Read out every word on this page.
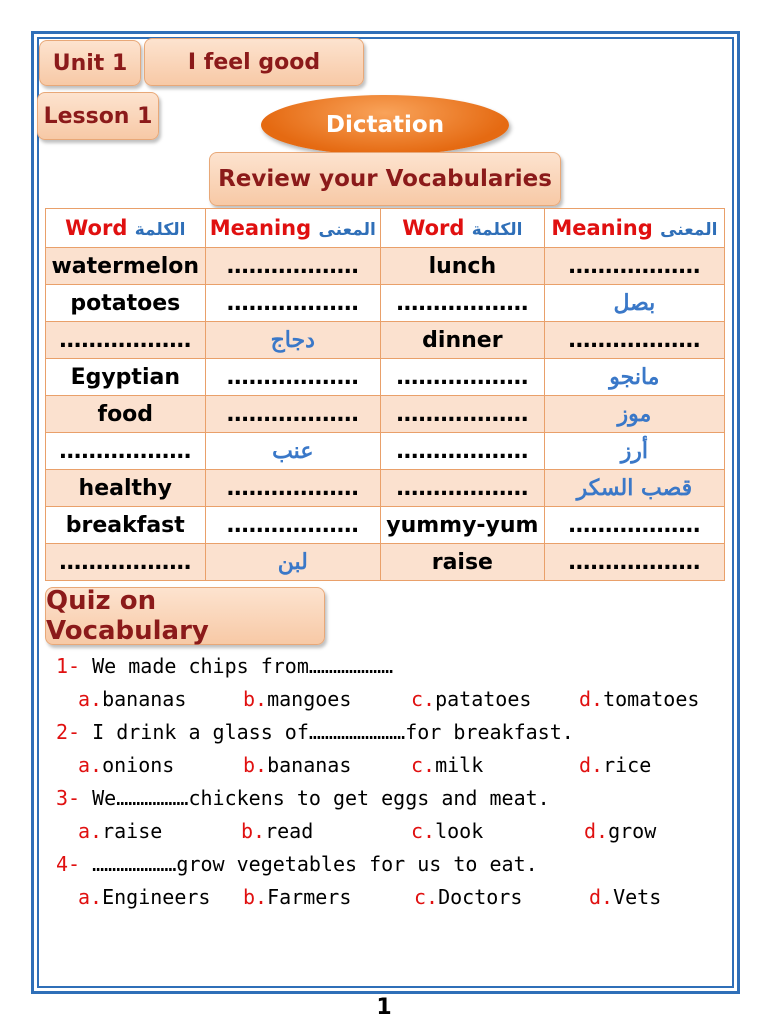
Unit 1	I feel good
Lesson 1	Dictation
Review your Vocabularies
Word الكلمة	Meaning المعنى	Word الكلمة	Meaning المعنى
watermelon	………………	lunch	………………
potatoes	………………	………………	بصل
………………	دجاج	dinner	………………
Egyptian	………………	………………	مانجو
food	………………	………………	موز
………………	عنب	………………	أرز
healthy	………………	………………	قصب السكر
breakfast	………………	yummy-yum	………………
………………	لبن	raise	………………
Quiz on Vocabulary
1- We made chips from…………………
a.bananas	b.mangoes	c.patatoes d.tomatoes
2- I drink a glass of……………………for breakfast.
a.onions	b.bananas	c.milk	d.rice
3- We………………chickens to get eggs and meat.
a.raise	b.read	c.look	d.grow
4- …………………grow vegetables for us to eat.
a.Engineers b.Farmers	c.Doctors	d.Vets
1
